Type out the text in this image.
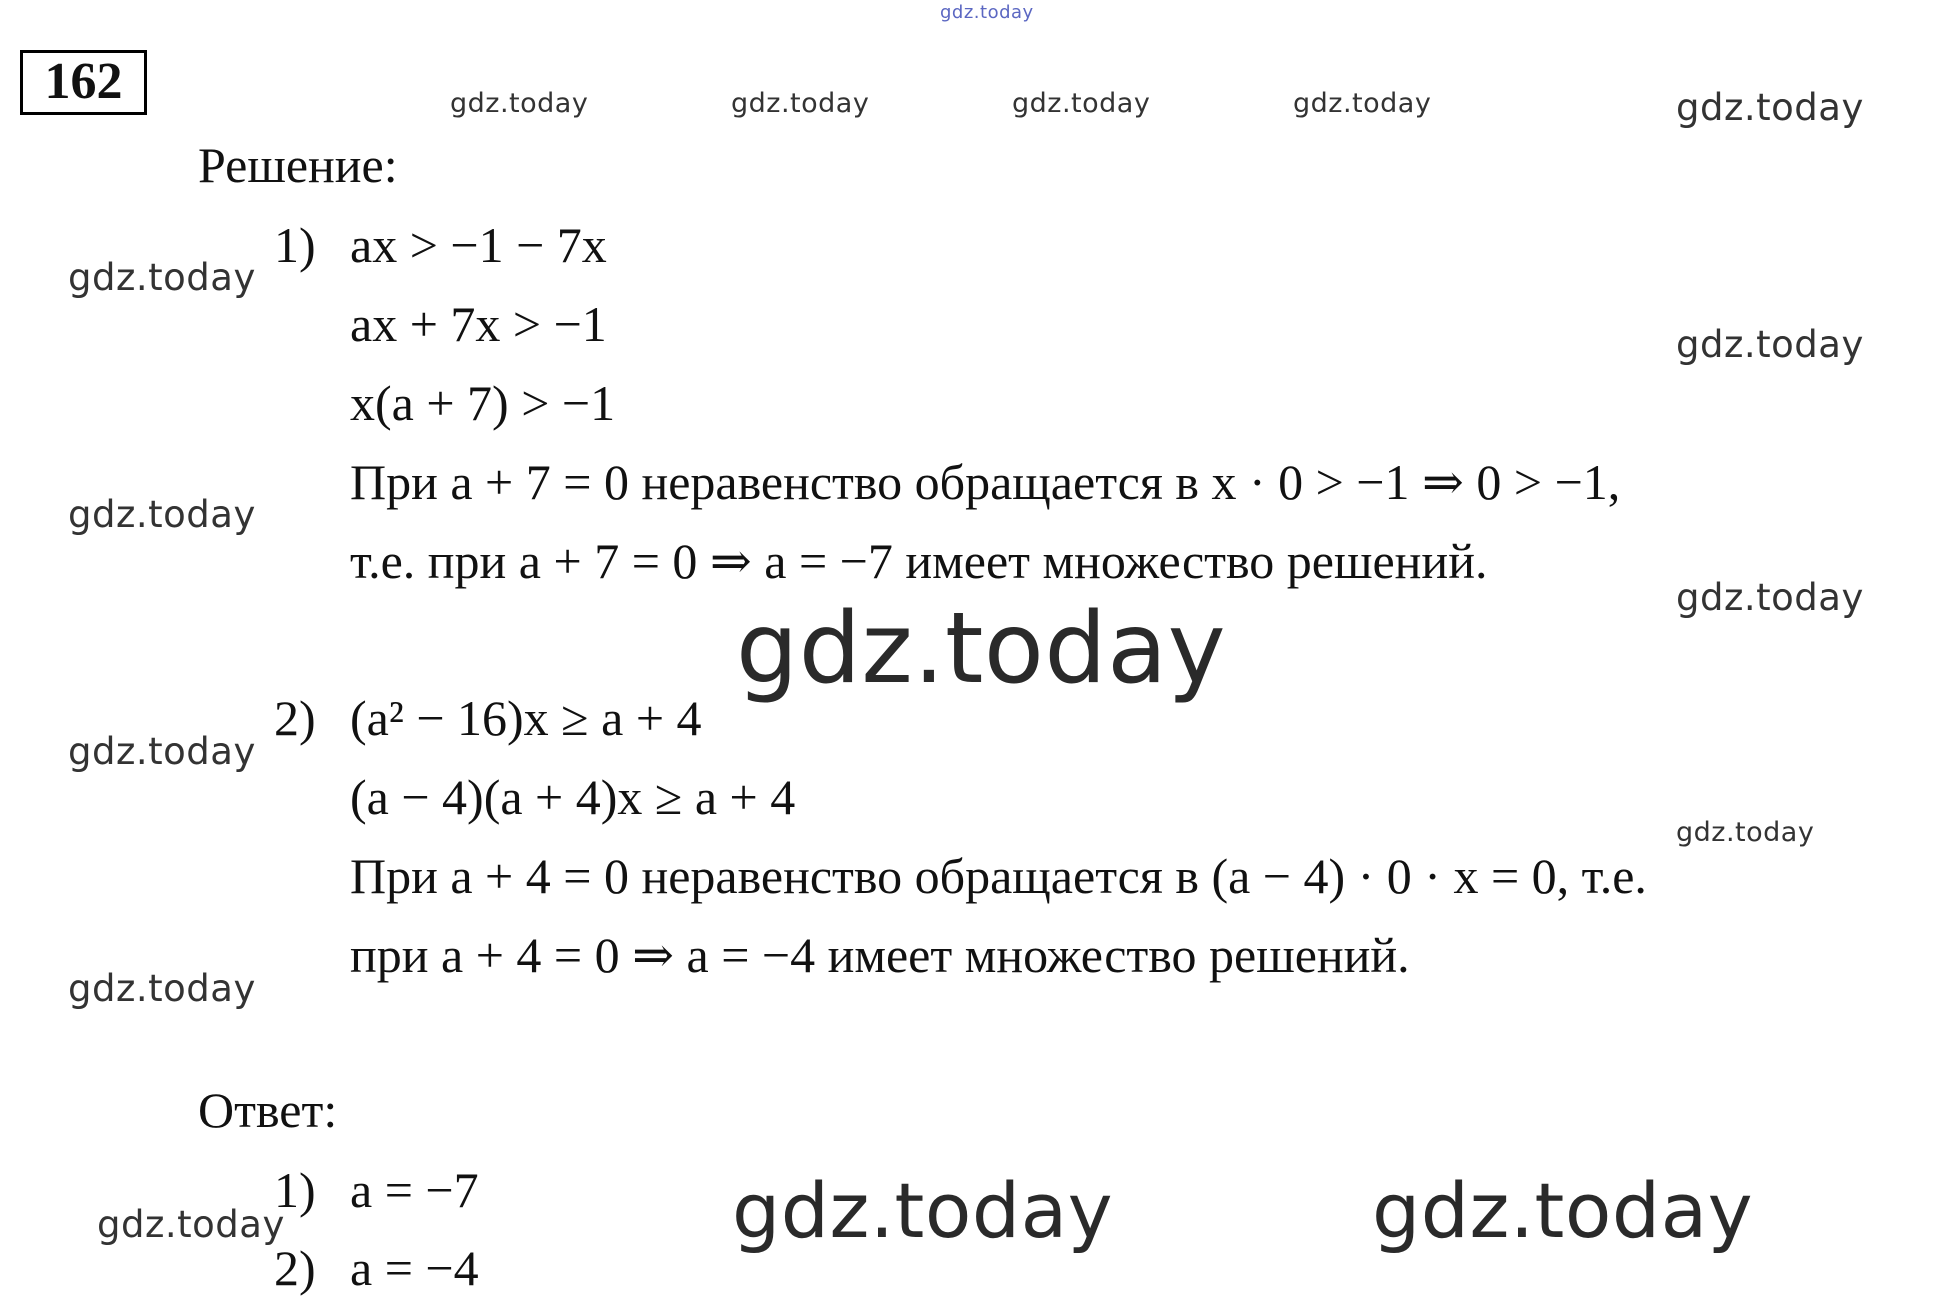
162
gdz.today
gdz.today	gdz.today	gdz.today	gdz.today	gdz.today
gdz.today
gdz.today
gdz.today
gdz.today
gdz.today
gdz.today
gdz.today
gdz.today
gdz.today	gdz.today
gdz.today
Решение:
1) ax > −1 − 7x
ax + 7x > −1
x(a + 7) > −1
При a + 7 = 0 неравенство обращается в x · 0 > −1 ⇒ 0 > −1,
т.е. при a + 7 = 0 ⇒ a = −7 имеет множество решений.
2) (a² − 16)x ≥ a + 4
(a − 4)(a + 4)x ≥ a + 4
При a + 4 = 0 неравенство обращается в (a − 4) · 0 · x = 0, т.е.
при a + 4 = 0 ⇒ a = −4 имеет множество решений.
Ответ:
1) a = −7
2) a = −4
